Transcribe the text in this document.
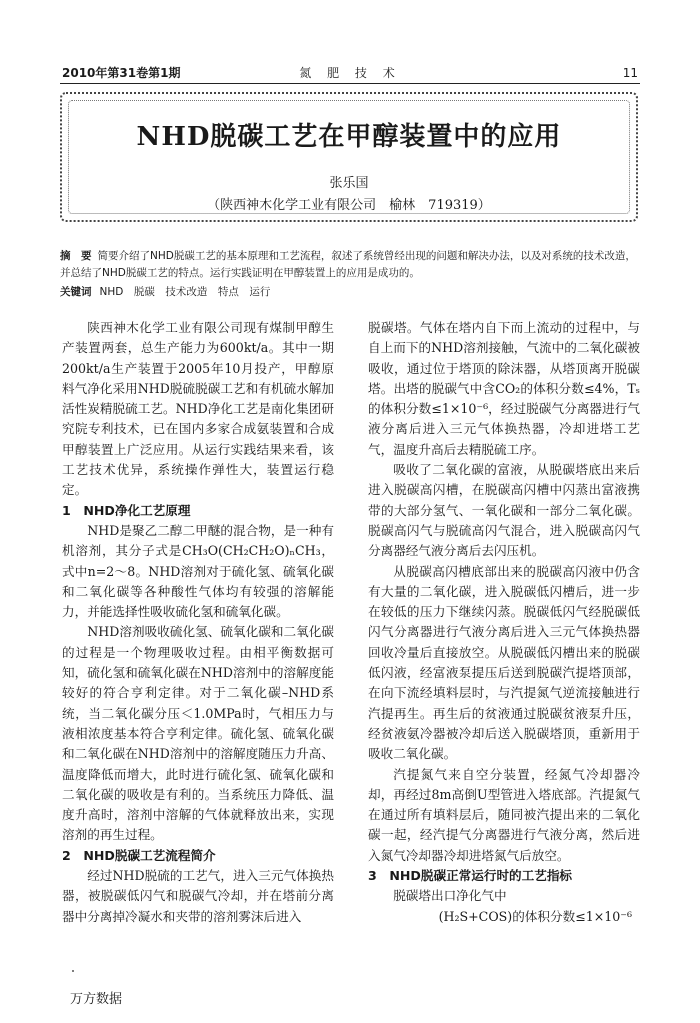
2010年第31卷第1期	氮 肥 技 术	11
NHD脱碳工艺在甲醇装置中的应用
张乐国
（陕西神木化学工业有限公司　榆林　719319）
摘　要 简要介绍了NHD脱碳工艺的基本原理和工艺流程，叙述了系统曾经出现的问题和解决办法，以及对系统的技术改造，并总结了NHD脱碳工艺的特点。运行实践证明在甲醇装置上的应用是成功的。
关键词 NHD　脱碳　技术改造　特点　运行

陕西神木化学工业有限公司现有煤制甲醇生产装置两套，总生产能力为600kt/a。其中一期200kt/a生产装置于2005年10月投产，甲醇原料气净化采用NHD脱硫脱碳工艺和有机硫水解加活性炭精脱硫工艺。NHD净化工艺是南化集团研究院专利技术，已在国内多家合成氨装置和合成甲醇装置上广泛应用。从运行实践结果来看，该工艺技术优异，系统操作弹性大，装置运行稳定。

1　NHD净化工艺原理

NHD是聚乙二醇二甲醚的混合物，是一种有机溶剂，其分子式是CH₃O(CH₂CH₂O)ₙCH₃，式中n=2～8。NHD溶剂对于硫化氢、硫氧化碳和二氧化碳等各种酸性气体均有较强的溶解能力，并能选择性吸收硫化氢和硫氧化碳。

NHD溶剂吸收硫化氢、硫氧化碳和二氧化碳的过程是一个物理吸收过程。由相平衡数据可知，硫化氢和硫氧化碳在NHD溶剂中的溶解度能较好的符合亨利定律。对于二氧化碳–NHD系统，当二氧化碳分压＜1.0MPa时，气相压力与液相浓度基本符合亨利定律。硫化氢、硫氧化碳和二氧化碳在NHD溶剂中的溶解度随压力升高、温度降低而增大，此时进行硫化氢、硫氧化碳和二氧化碳的吸收是有利的。当系统压力降低、温度升高时，溶剂中溶解的气体就释放出来，实现溶剂的再生过程。

2　NHD脱碳工艺流程简介

经过NHD脱硫的工艺气，进入三元气体换热器，被脱碳低闪气和脱碳气冷却，并在塔前分离器中分离掉冷凝水和夹带的溶剂雾沫后进入

脱碳塔。气体在塔内自下而上流动的过程中，与自上而下的NHD溶剂接触，气流中的二氧化碳被吸收，通过位于塔顶的除沫器，从塔顶离开脱碳塔。出塔的脱碳气中含CO₂的体积分数≤4%，Tₛ的体积分数≤1×10⁻⁶，经过脱碳气分离器进行气液分离后进入三元气体换热器，冷却进塔工艺气，温度升高后去精脱硫工序。

吸收了二氧化碳的富液，从脱碳塔底出来后进入脱碳高闪槽，在脱碳高闪槽中闪蒸出富液携带的大部分氢气、一氧化碳和一部分二氧化碳。脱碳高闪气与脱硫高闪气混合，进入脱碳高闪气分离器经气液分离后去闪压机。

从脱碳高闪槽底部出来的脱碳高闪液中仍含有大量的二氧化碳，进入脱碳低闪槽后，进一步在较低的压力下继续闪蒸。脱碳低闪气经脱碳低闪气分离器进行气液分离后进入三元气体换热器回收冷量后直接放空。从脱碳低闪槽出来的脱碳低闪液，经富液泵提压后送到脱碳汽提塔顶部，在向下流经填料层时，与汽提氮气逆流接触进行汽提再生。再生后的贫液通过脱碳贫液泵升压，经贫液氨冷器被冷却后送入脱碳塔顶，重新用于吸收二氧化碳。

汽提氮气来自空分装置，经氮气冷却器冷却，再经过8m高倒U型管进入塔底部。汽提氮气在通过所有填料层后，随同被汽提出来的二氧化碳一起，经汽提气分离器进行气液分离，然后进入氮气冷却器冷却进塔氮气后放空。

3　NHD脱碳正常运行时的工艺指标

脱碳塔出口净化气中

(H₂S+COS)的体积分数≤1×10⁻⁶

万方数据
